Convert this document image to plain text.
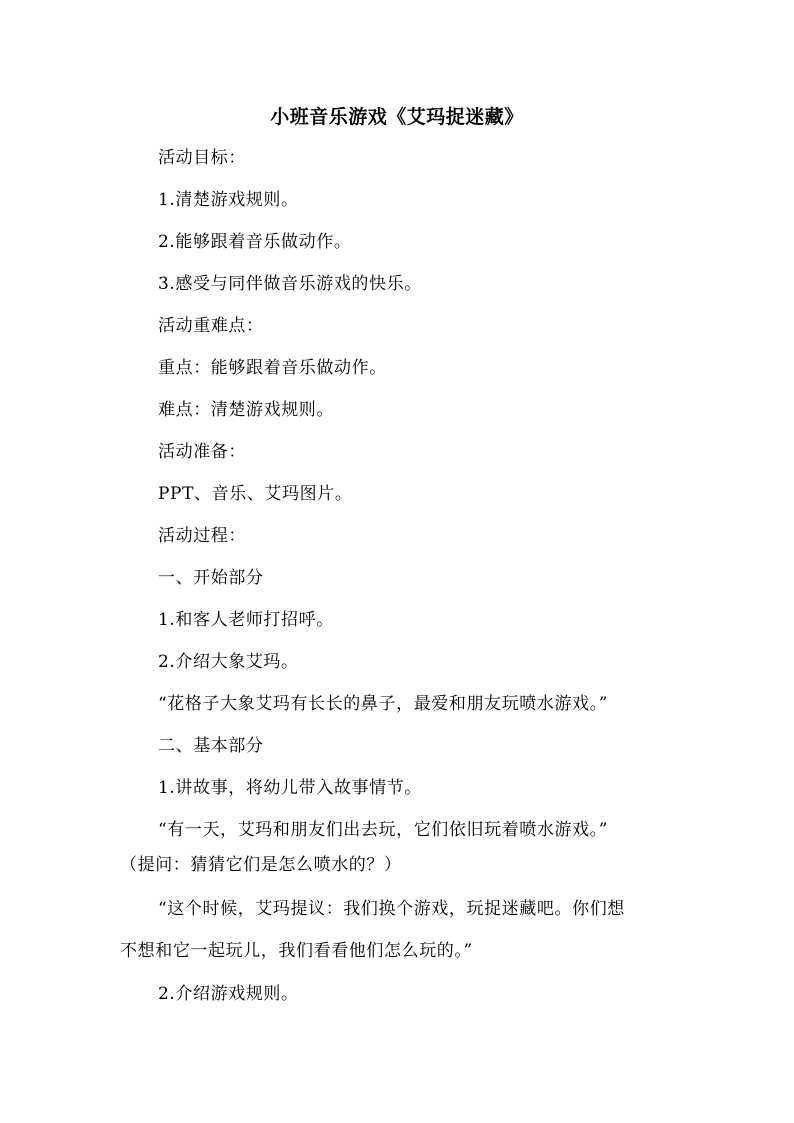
小班音乐游戏《艾玛捉迷藏》
活动目标：
1.清楚游戏规则。
2.能够跟着音乐做动作。
3.感受与同伴做音乐游戏的快乐。
活动重难点：
重点：能够跟着音乐做动作。
难点：清楚游戏规则。
活动准备：
PPT、音乐、艾玛图片。
活动过程：
一、开始部分
1.和客人老师打招呼。
2.介绍大象艾玛。
“花格子大象艾玛有长长的鼻子，最爱和朋友玩喷水游戏。”
二、基本部分
1.讲故事，将幼儿带入故事情节。
“有一天，艾玛和朋友们出去玩，它们依旧玩着喷水游戏。”
（提问：猜猜它们是怎么喷水的？）
“这个时候，艾玛提议：我们换个游戏，玩捉迷藏吧。你们想
不想和它一起玩儿，我们看看他们怎么玩的。”
2.介绍游戏规则。
